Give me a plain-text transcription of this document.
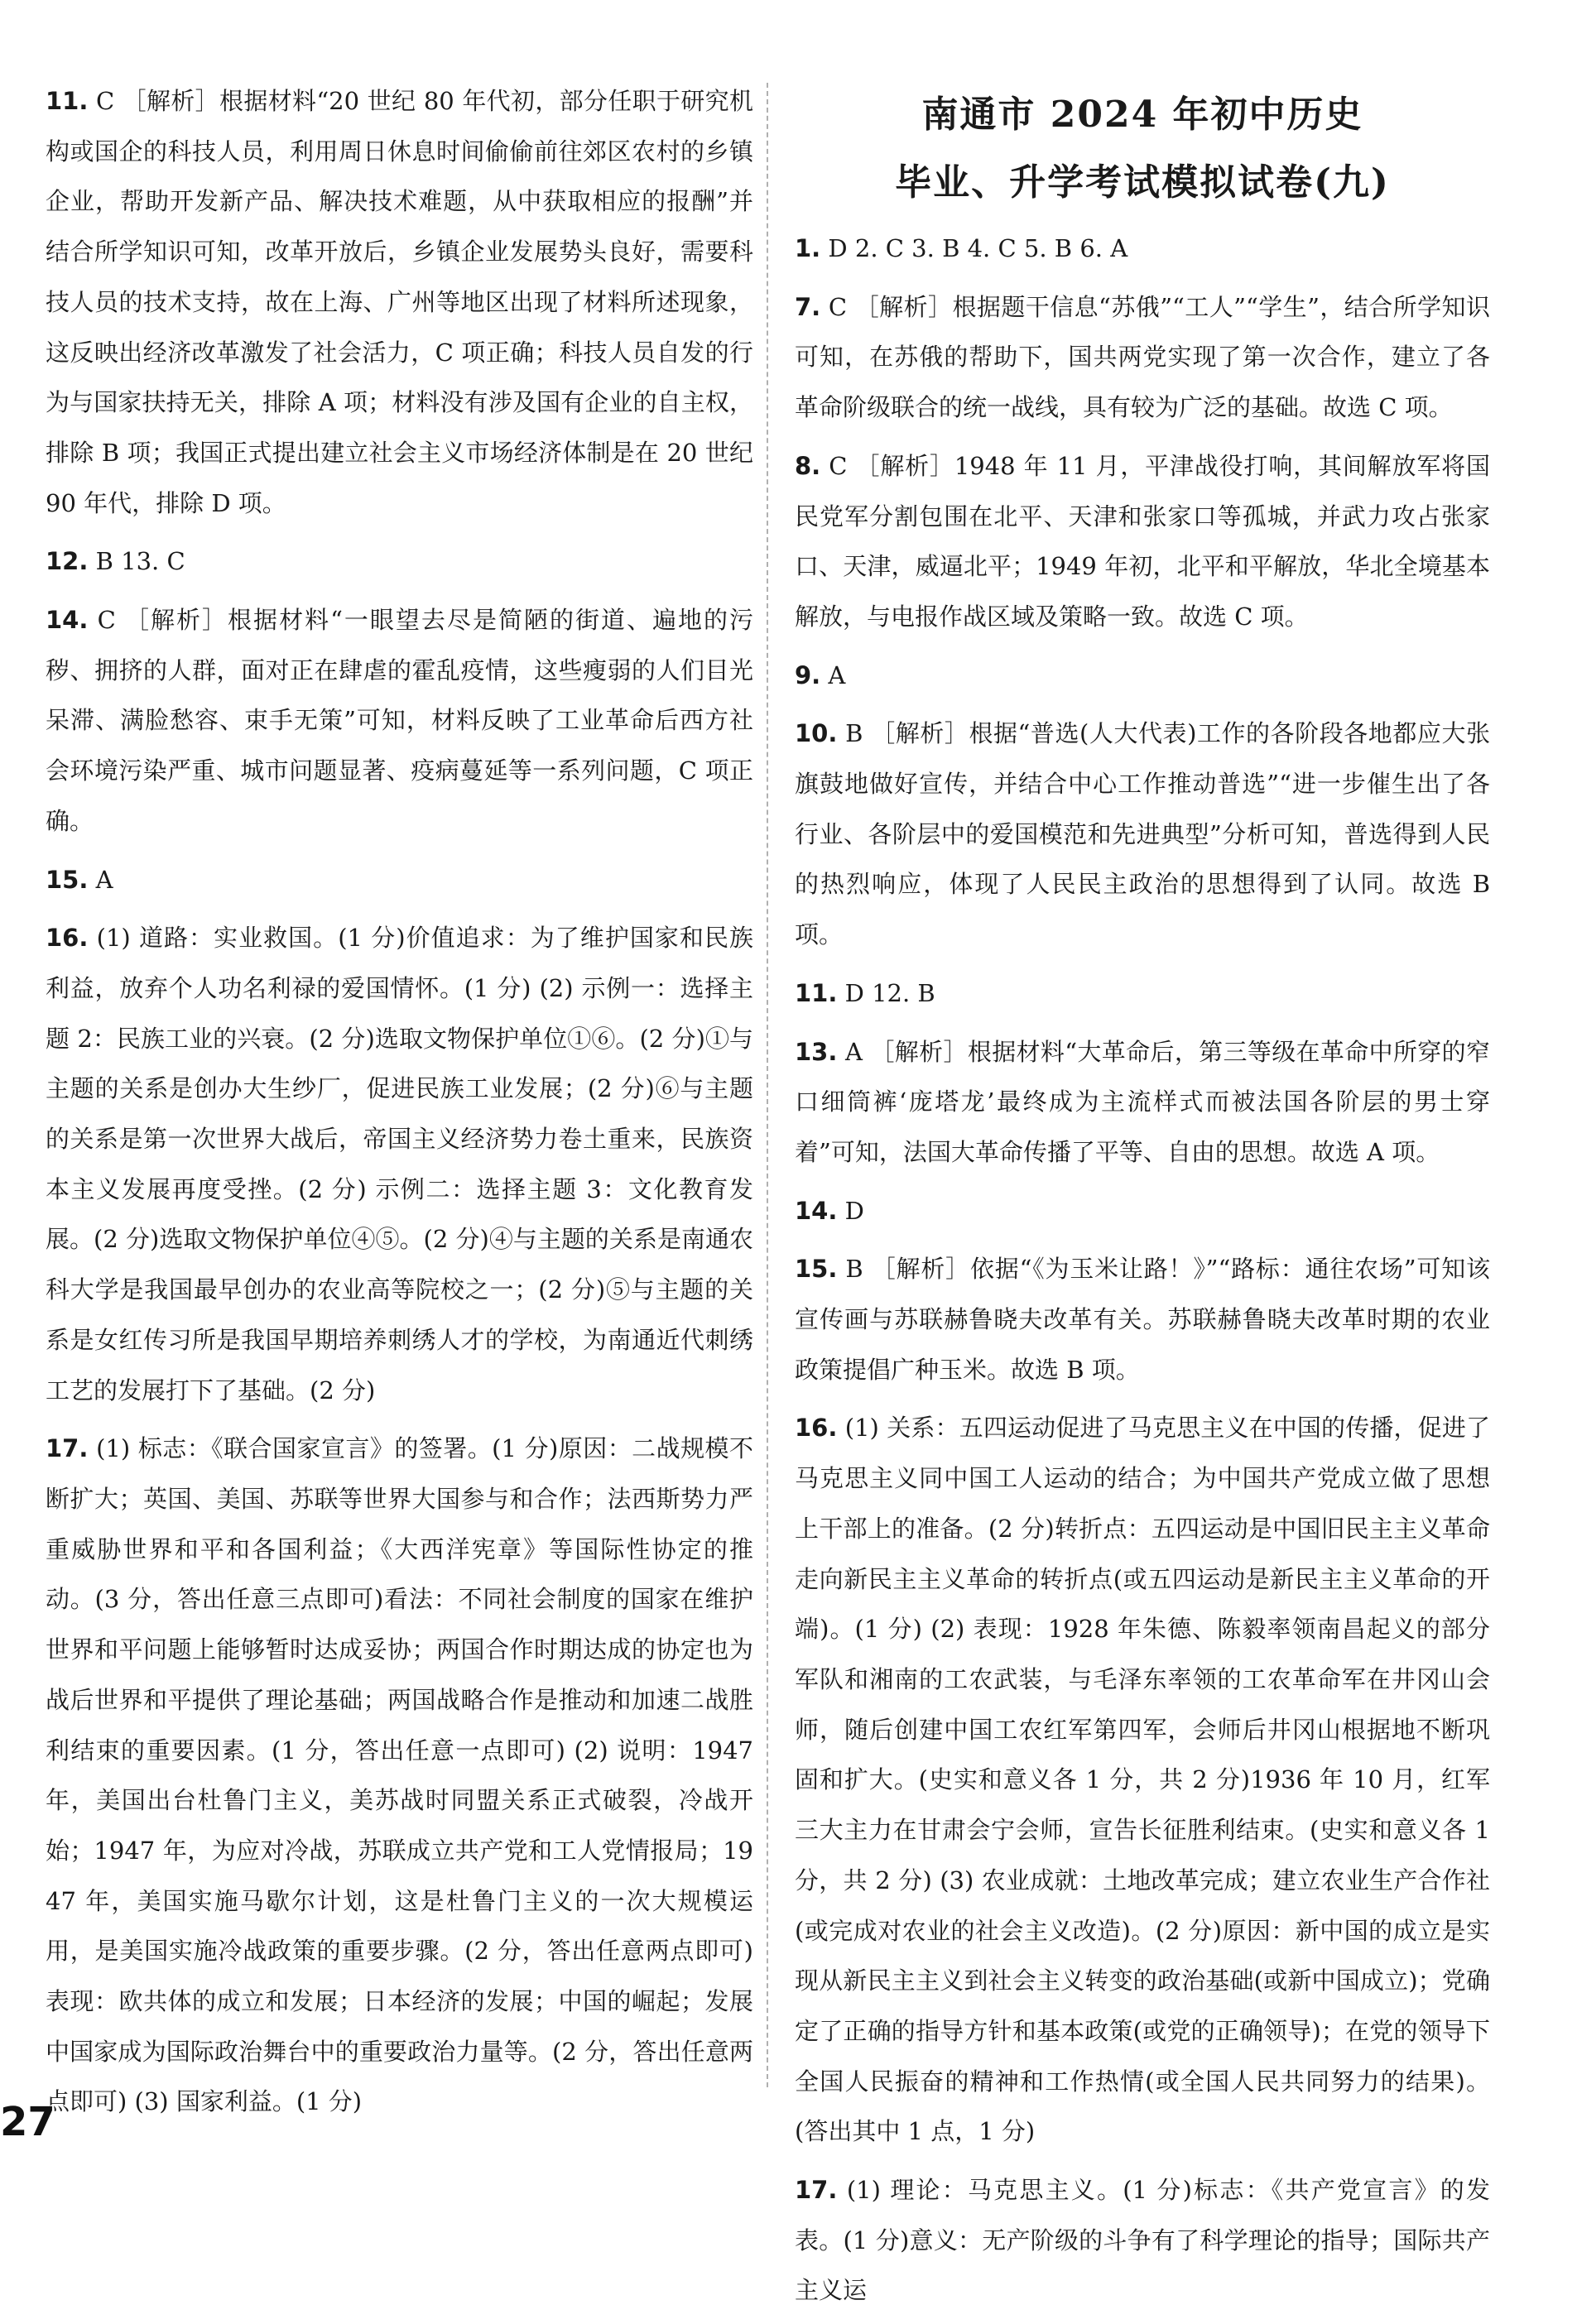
11. C ［解析］根据材料“20 世纪 80 年代初，部分任职于研究机构或国企的科技人员，利用周日休息时间偷偷前往郊区农村的乡镇企业，帮助开发新产品、解决技术难题，从中获取相应的报酬”并结合所学知识可知，改革开放后，乡镇企业发展势头良好，需要科技人员的技术支持，故在上海、广州等地区出现了材料所述现象，这反映出经济改革激发了社会活力，C 项正确；科技人员自发的行为与国家扶持无关，排除 A 项；材料没有涉及国有企业的自主权，排除 B 项；我国正式提出建立社会主义市场经济体制是在 20 世纪 90 年代，排除 D 项。

12. B 13. C

14. C ［解析］根据材料“一眼望去尽是简陋的街道、遍地的污秽、拥挤的人群，面对正在肆虐的霍乱疫情，这些瘦弱的人们目光呆滞、满脸愁容、束手无策”可知，材料反映了工业革命后西方社会环境污染严重、城市问题显著、疫病蔓延等一系列问题，C 项正确。

15. A

16. (1) 道路：实业救国。(1 分)价值追求：为了维护国家和民族利益，放弃个人功名利禄的爱国情怀。(1 分) (2) 示例一：选择主题 2：民族工业的兴衰。(2 分)选取文物保护单位①⑥。(2 分)①与主题的关系是创办大生纱厂，促进民族工业发展；(2 分)⑥与主题的关系是第一次世界大战后，帝国主义经济势力卷土重来，民族资本主义发展再度受挫。(2 分) 示例二：选择主题 3：文化教育发展。(2 分)选取文物保护单位④⑤。(2 分)④与主题的关系是南通农科大学是我国最早创办的农业高等院校之一；(2 分)⑤与主题的关系是女红传习所是我国早期培养刺绣人才的学校，为南通近代刺绣工艺的发展打下了基础。(2 分)

17. (1) 标志：《联合国家宣言》的签署。(1 分)原因：二战规模不断扩大；英国、美国、苏联等世界大国参与和合作；法西斯势力严重威胁世界和平和各国利益；《大西洋宪章》等国际性协定的推动。(3 分，答出任意三点即可)看法：不同社会制度的国家在维护世界和平问题上能够暂时达成妥协；两国合作时期达成的协定也为战后世界和平提供了理论基础；两国战略合作是推动和加速二战胜利结束的重要因素。(1 分，答出任意一点即可) (2) 说明：1947 年，美国出台杜鲁门主义，美苏战时同盟关系正式破裂，冷战开始；1947 年，为应对冷战，苏联成立共产党和工人党情报局；1947 年，美国实施马歇尔计划，这是杜鲁门主义的一次大规模运用，是美国实施冷战政策的重要步骤。(2 分，答出任意两点即可)表现：欧共体的成立和发展；日本经济的发展；中国的崛起；发展中国家成为国际政治舞台中的重要政治力量等。(2 分，答出任意两点即可) (3) 国家利益。(1 分)

南通市 2024 年初中历史

毕业、升学考试模拟试卷(九)

1. D 2. C 3. B 4. C 5. B 6. A

7. C ［解析］根据题干信息“苏俄”“工人”“学生”，结合所学知识可知，在苏俄的帮助下，国共两党实现了第一次合作，建立了各革命阶级联合的统一战线，具有较为广泛的基础。故选 C 项。

8. C ［解析］1948 年 11 月，平津战役打响，其间解放军将国民党军分割包围在北平、天津和张家口等孤城，并武力攻占张家口、天津，威逼北平；1949 年初，北平和平解放，华北全境基本解放，与电报作战区域及策略一致。故选 C 项。

9. A

10. B ［解析］根据“普选(人大代表)工作的各阶段各地都应大张旗鼓地做好宣传，并结合中心工作推动普选”“进一步催生出了各行业、各阶层中的爱国模范和先进典型”分析可知，普选得到人民的热烈响应，体现了人民民主政治的思想得到了认同。故选 B 项。

11. D 12. B

13. A ［解析］根据材料“大革命后，第三等级在革命中所穿的窄口细筒裤‘庞塔龙’最终成为主流样式而被法国各阶层的男士穿着”可知，法国大革命传播了平等、自由的思想。故选 A 项。

14. D

15. B ［解析］依据“《为玉米让路！》”“路标：通往农场”可知该宣传画与苏联赫鲁晓夫改革有关。苏联赫鲁晓夫改革时期的农业政策提倡广种玉米。故选 B 项。

16. (1) 关系：五四运动促进了马克思主义在中国的传播，促进了马克思主义同中国工人运动的结合；为中国共产党成立做了思想上干部上的准备。(2 分)转折点：五四运动是中国旧民主主义革命走向新民主主义革命的转折点(或五四运动是新民主主义革命的开端)。(1 分) (2) 表现：1928 年朱德、陈毅率领南昌起义的部分军队和湘南的工农武装，与毛泽东率领的工农革命军在井冈山会师，随后创建中国工农红军第四军，会师后井冈山根据地不断巩固和扩大。(史实和意义各 1 分，共 2 分)1936 年 10 月，红军三大主力在甘肃会宁会师，宣告长征胜利结束。(史实和意义各 1 分，共 2 分) (3) 农业成就：土地改革完成；建立农业生产合作社(或完成对农业的社会主义改造)。(2 分)原因：新中国的成立是实现从新民主主义到社会主义转变的政治基础(或新中国成立)；党确定了正确的指导方针和基本政策(或党的正确领导)；在党的领导下全国人民振奋的精神和工作热情(或全国人民共同努力的结果)。(答出其中 1 点，1 分)

17. (1) 理论：马克思主义。(1 分)标志：《共产党宣言》的发表。(1 分)意义：无产阶级的斗争有了科学理论的指导；国际共产主义运

27
